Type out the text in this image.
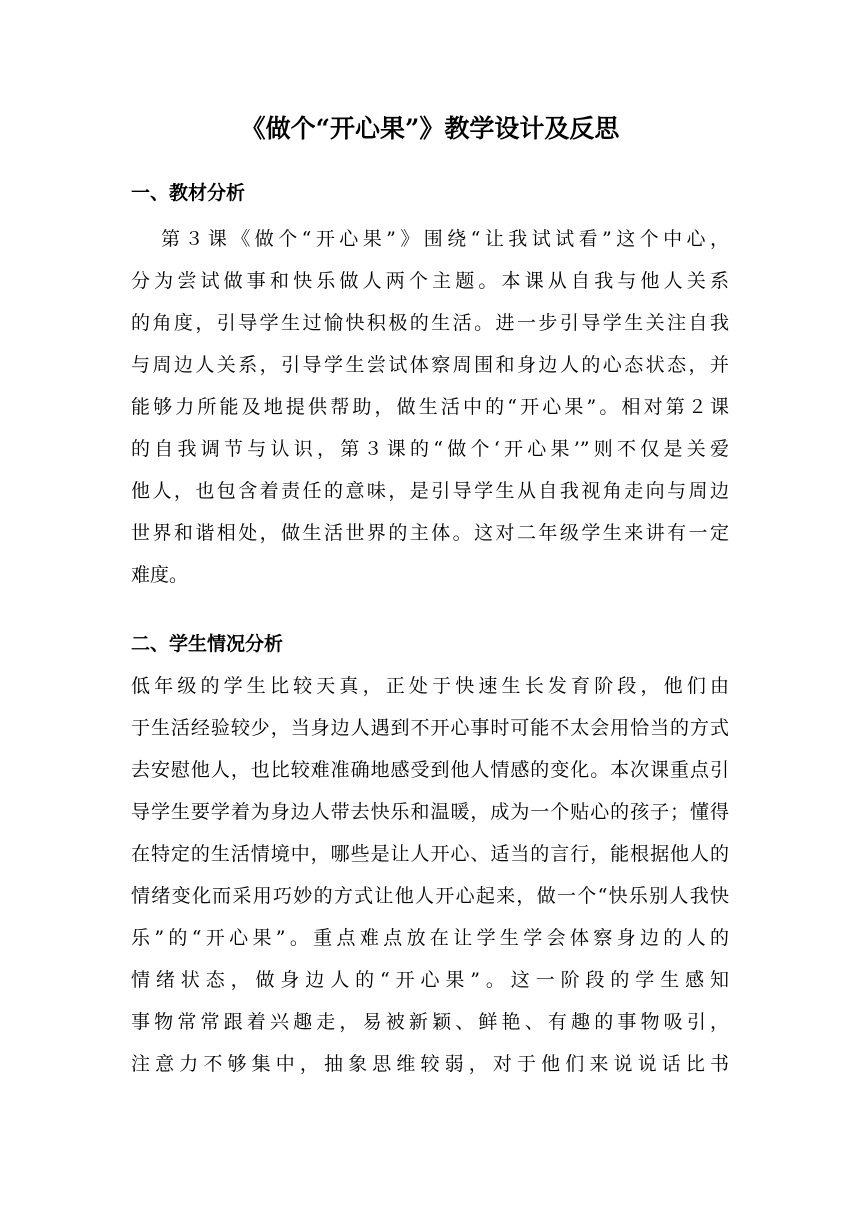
《做个“开心果”》教学设计及反思
一、教材分析
第３课《做个“开心果”》围绕“让我试试看”这个中心，
分为尝试做事和快乐做人两个主题。本课从自我与他人关系
的角度，引导学生过愉快积极的生活。进一步引导学生关注自我
与周边人关系，引导学生尝试体察周围和身边人的心态状态，并
能够力所能及地提供帮助，做生活中的“开心果”。相对第２课
的自我调节与认识，第３课的“做个‘开心果’”则不仅是关爱
他人，也包含着责任的意味，是引导学生从自我视角走向与周边
世界和谐相处，做生活世界的主体。这对二年级学生来讲有一定
难度。
二、学生情况分析
低年级的学生比较天真，正处于快速生长发育阶段，他们由
于生活经验较少，当身边人遇到不开心事时可能不太会用恰当的方式
去安慰他人，也比较难准确地感受到他人情感的变化。本次课重点引
导学生要学着为身边人带去快乐和温暖，成为一个贴心的孩子；懂得
在特定的生活情境中，哪些是让人开心、适当的言行，能根据他人的
情绪变化而采用巧妙的方式让他人开心起来，做一个“快乐别人我快
乐”的“开心果”。重点难点放在让学生学会体察身边的人的
情绪状态，做身边人的“开心果”。这一阶段的学生感知
事物常常跟着兴趣走，易被新颖、鲜艳、有趣的事物吸引，
注意力不够集中，抽象思维较弱，对于他们来说说话比书
